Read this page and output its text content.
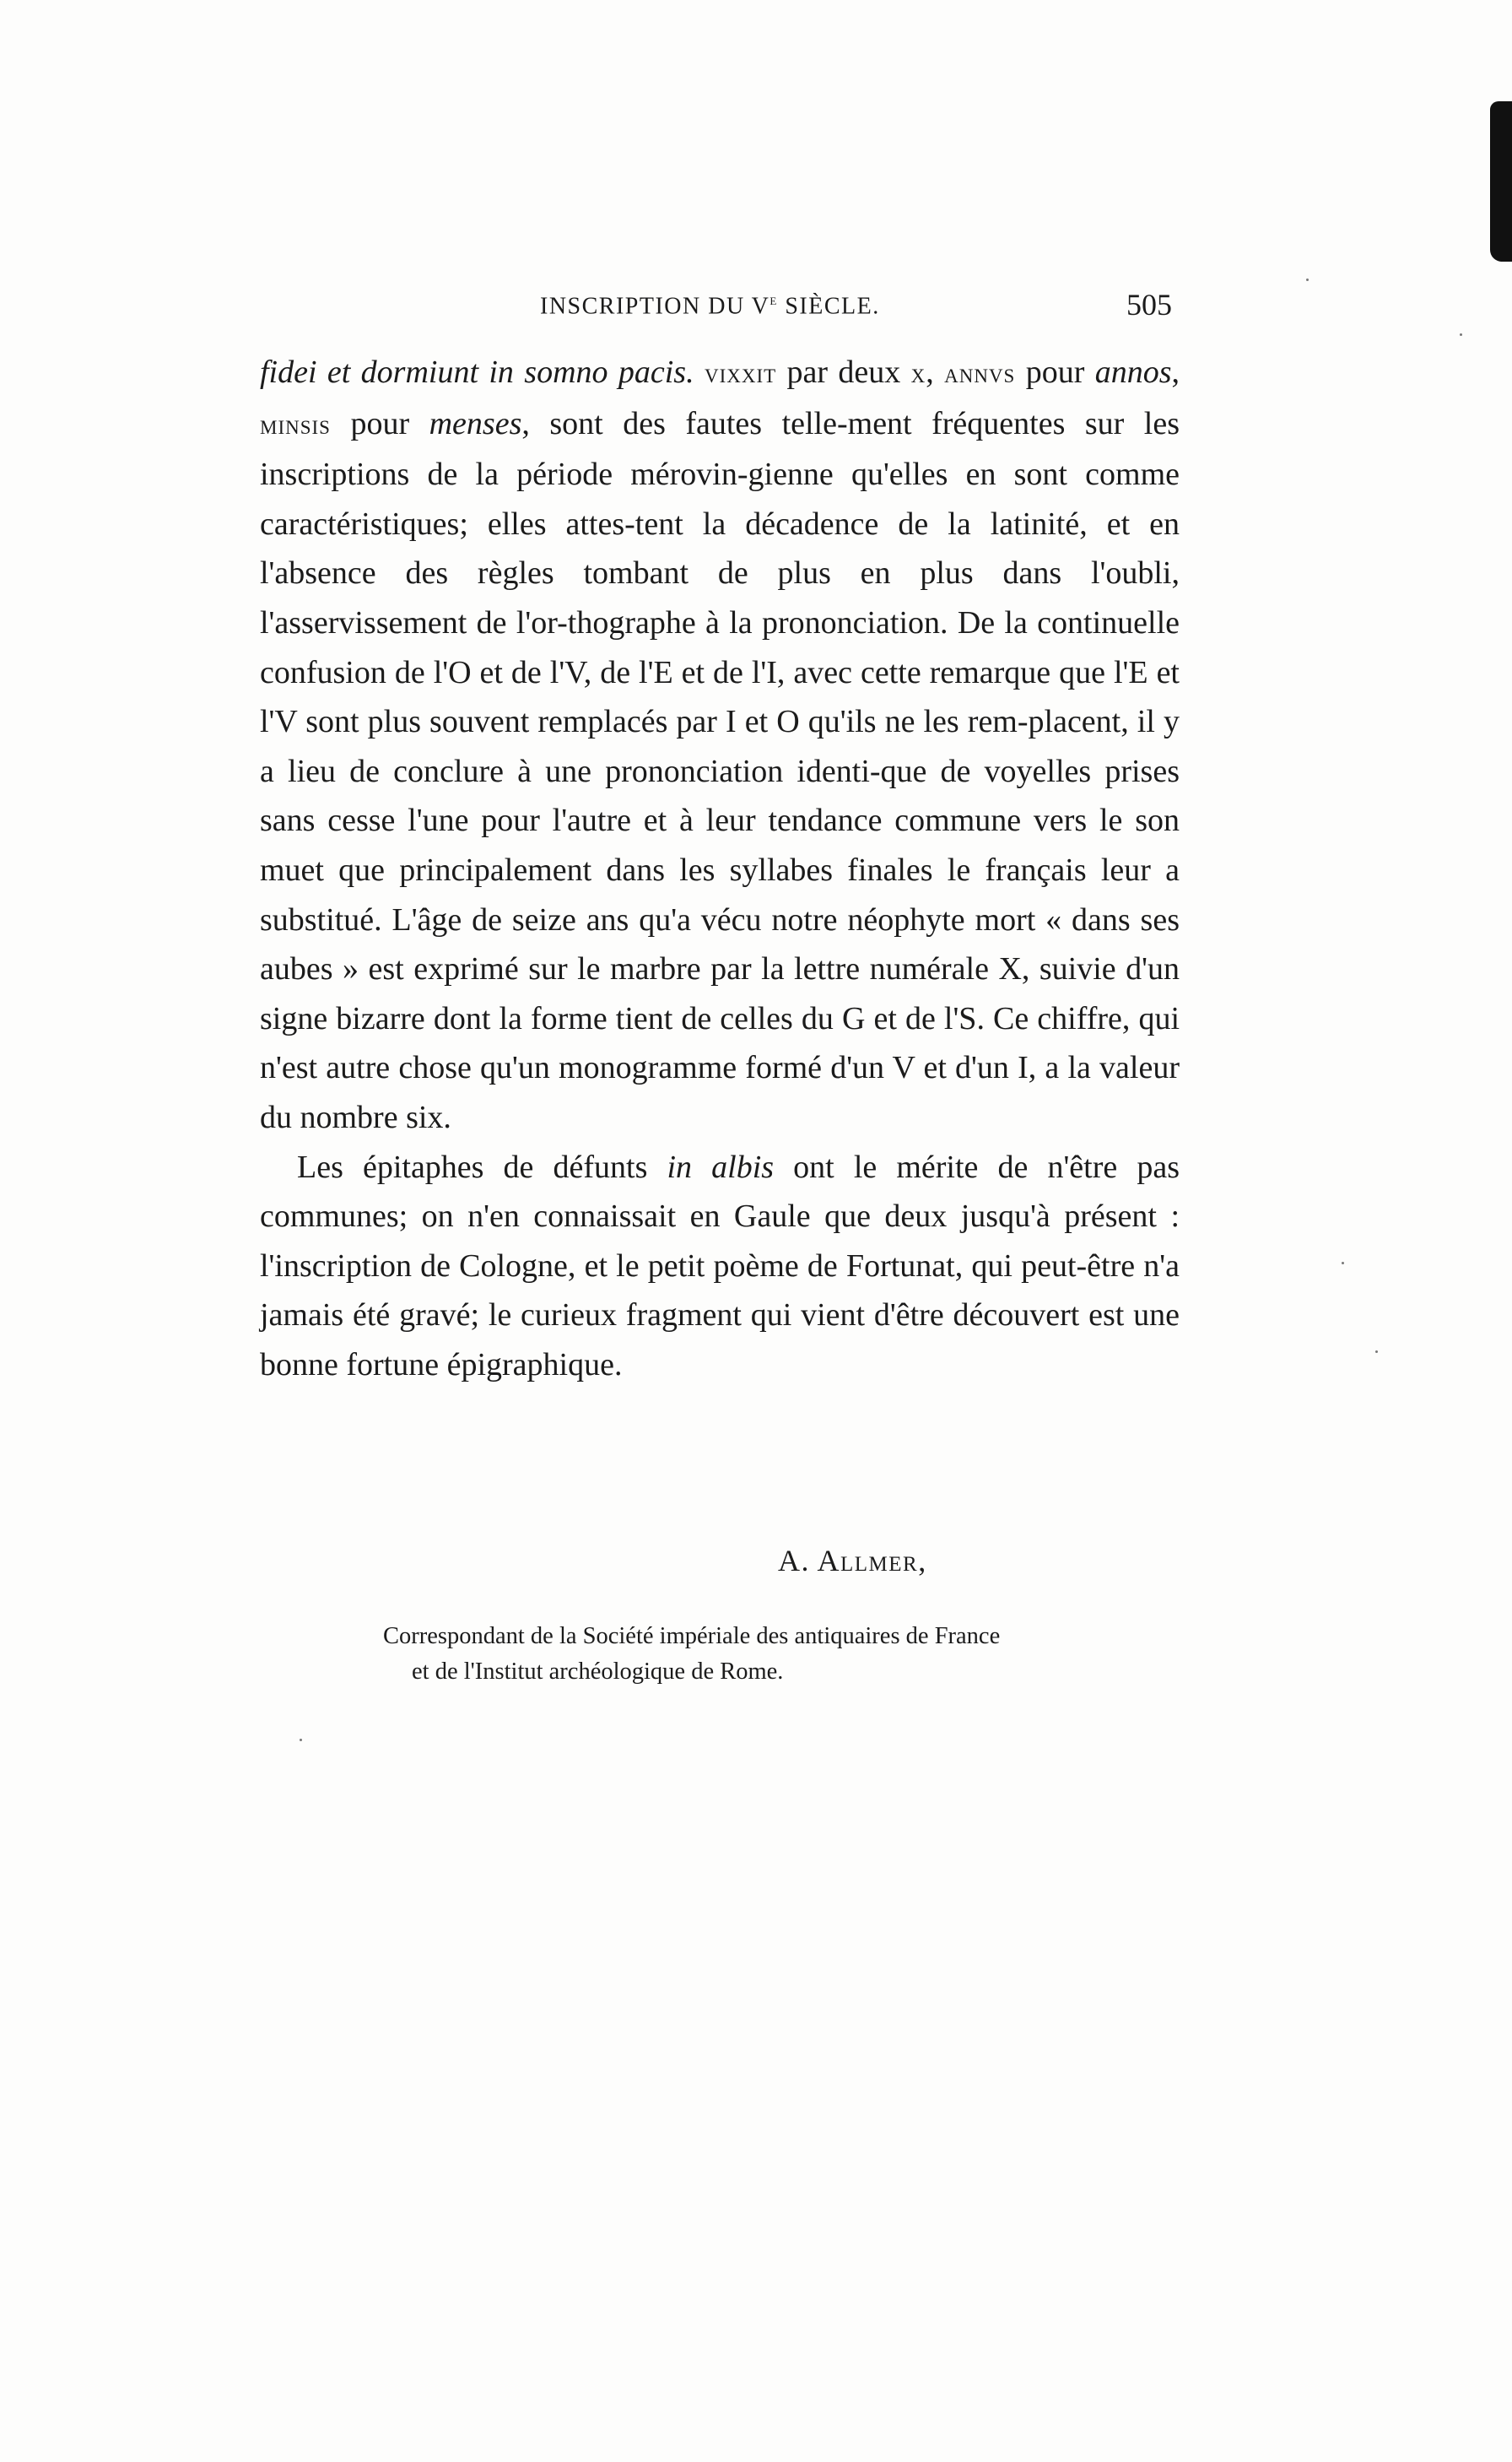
INSCRIPTION DU Ve SIÈCLE.	505

fidei et dormiunt in somno pacis. vixxit par deux x, annvs pour annos, minsis pour menses, sont des fautes telle-ment fréquentes sur les inscriptions de la période mérovin-gienne qu'elles en sont comme caractéristiques; elles attes-tent la décadence de la latinité, et en l'absence des règles tombant de plus en plus dans l'oubli, l'asservissement de l'or-thographe à la prononciation. De la continuelle confusion de l'O et de l'V, de l'E et de l'I, avec cette remarque que l'E et l'V sont plus souvent remplacés par I et O qu'ils ne les rem-placent, il y a lieu de conclure à une prononciation identi-que de voyelles prises sans cesse l'une pour l'autre et à leur tendance commune vers le son muet que principalement dans les syllabes finales le français leur a substitué. L'âge de seize ans qu'a vécu notre néophyte mort « dans ses aubes » est exprimé sur le marbre par la lettre numérale X, suivie d'un signe bizarre dont la forme tient de celles du G et de l'S. Ce chiffre, qui n'est autre chose qu'un monogramme formé d'un V et d'un I, a la valeur du nombre six.

Les épitaphes de défunts in albis ont le mérite de n'être pas communes; on n'en connaissait en Gaule que deux jusqu'à présent : l'inscription de Cologne, et le petit poème de Fortunat, qui peut-être n'a jamais été gravé; le curieux fragment qui vient d'être découvert est une bonne fortune épigraphique.

A. Allmer,
Correspondant de la Société impériale des antiquaires de France
et de l'Institut archéologique de Rome.
